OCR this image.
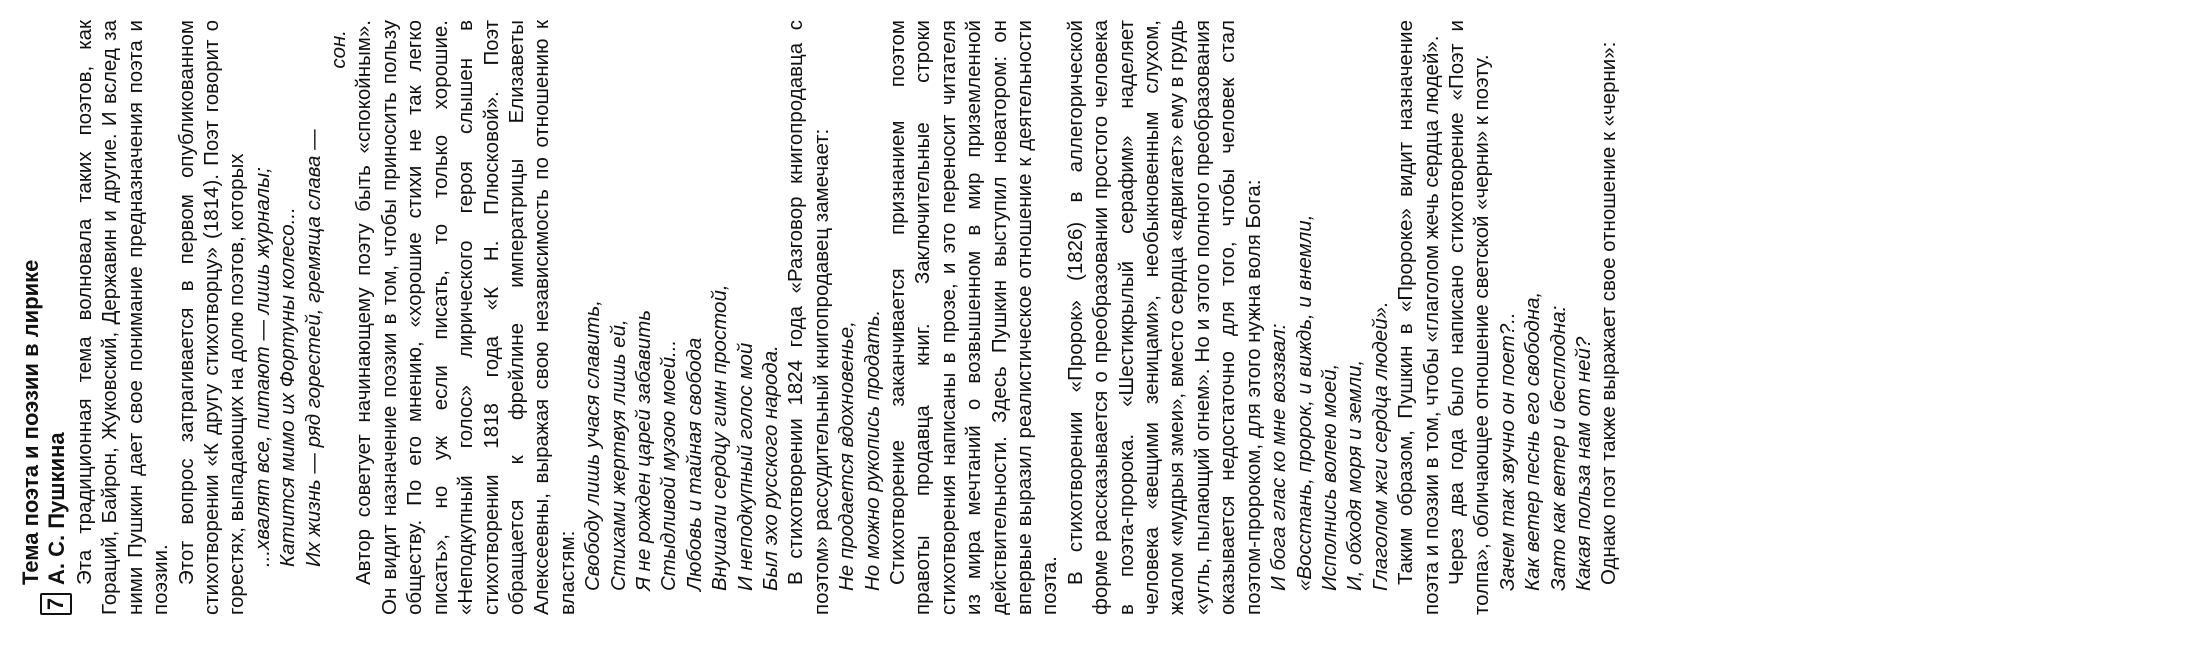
7
Тема поэта и поэзии в лирике А. С. Пушкина Эта традиционная тема волновала таких поэтов, как Гораций, Байрон, Жуковский, Державин и другие. И вслед за ними Пушкин дает свое понимание предназначения поэта и поэзии. Этот вопрос затрагивается в первом опубликованном стихотворении «К другу стихотворцу» (1814). Поэт говорит о горестях, выпадающих на долю поэтов, которых ...хвалят все, питают — лишь журналы; Катится мимо их Фортуны колесо... Их жизнь — ряд горестей, гремяща слава —
сон. Автор советует начинающему поэту быть «спокойным». Он видит назначение поэзии в том, чтобы приносить пользу обществу. По его мнению, «хорошие стихи не так легко писать», но уж если писать, то только хорошие. «Неподкупный голос» лирического героя слышен в стихотворении 1818 года «К Н. Плюсковой». Поэт обращается к фрейлине императрицы Елизаветы Алексеевны, выражая свою независимость по отношению к властям: Свободу лишь учася славить, Стихами жертвуя лишь ей, Я не рожден царей забавить Стыдливой музою моей... Любовь и тайная свобода Внушали сердцу гимн простой, И неподкупный голос мой Был эхо русского народа. В стихотворении 1824 года «Разговор книгопродавца с поэтом» рассудительный книгопродавец замечает: Не продается вдохновенье, Но можно рукопись продать. Стихотворение заканчивается признанием поэтом правоты продавца книг. Заключительные строки стихотворения написаны в прозе, и это переносит читателя из мира мечтаний о возвышенном в мир приземленной действительности. Здесь Пушкин выступил новатором: он впервые выразил реалистическое отношение к деятельности поэта.

В стихотворении «Пророк» (1826) в аллегорической форме рассказывается о преобразовании простого человека в поэта-пророка. «Шестикрылый серафим» наделяет человека «вещими зеницами», необыкновенным слухом, жалом «мудрыя змеи», вместо сердца «вдвигает» ему в грудь «угль, пылающий огнем». Но и этого полного преобразования оказывается недостаточно для того, чтобы человек стал поэтом-пророком, для этого нужна воля Бога: И бога глас ко мне воззвал: «Восстань, пророк, и виждь, и внемли, Исполнись волею моей, И, обходя моря и земли, Глаголом жги сердца людей». Таким образом, Пушкин в «Пророке» видит назначение поэта и поэзии в том, чтобы «глаголом жечь сердца людей». Через два года было написано стихотворение «Поэт и толпа», обличающее отношение светской «черни» к поэту. Зачем так звучно он поет?.. Как ветер песнь его свободна, Зато как ветер и бесплодна: Какая польза нам от ней? Однако поэт также выражает свое отношение к «черни»:
